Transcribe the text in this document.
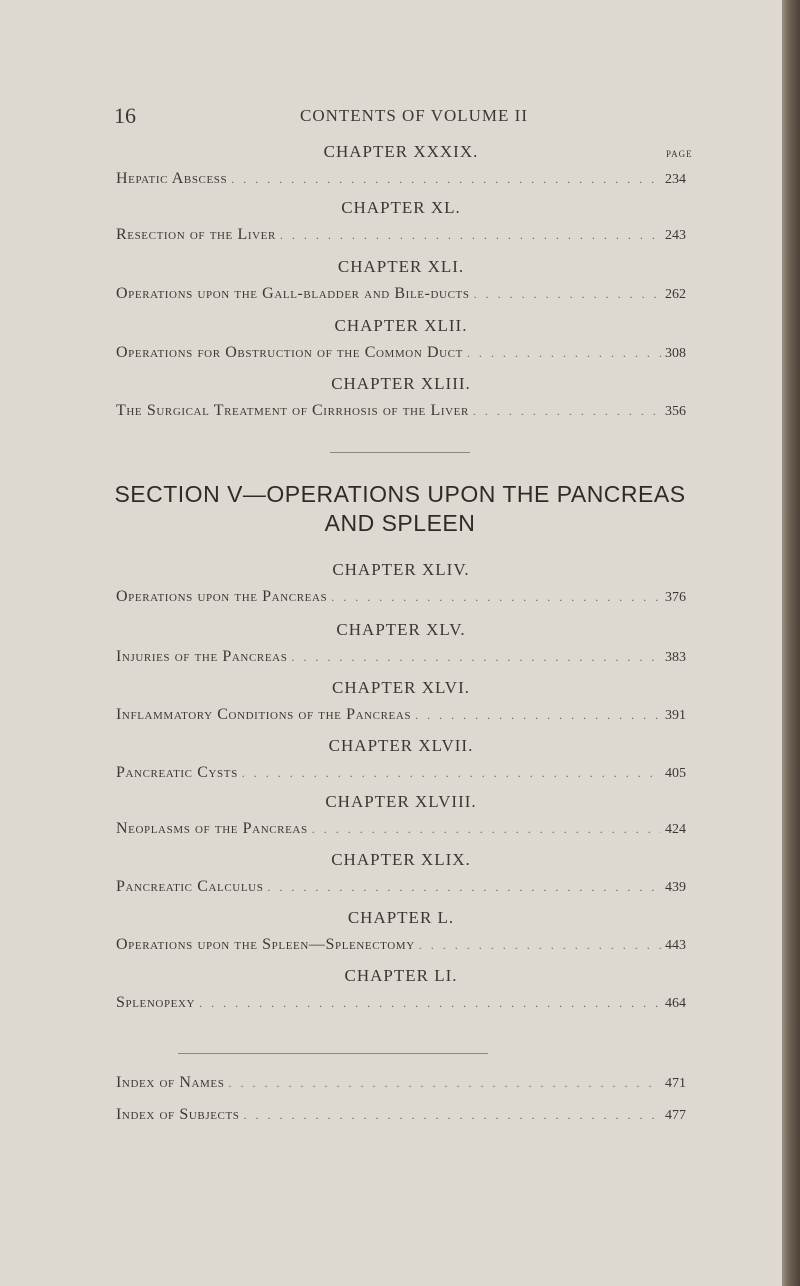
16	CONTENTS OF VOLUME II
PAGE
CHAPTER XXXIX.
Hepatic Abscess . . .	234
CHAPTER XL.
Resection of the Liver . . .	243
CHAPTER XLI.
Operations upon the Gall-bladder and Bile-ducts . . .	262
CHAPTER XLII.
Operations for Obstruction of the Common Duct . . .	308
CHAPTER XLIII.
The Surgical Treatment of Cirrhosis of the Liver . . .	356
SECTION V—OPERATIONS UPON THE PANCREAS
AND SPLEEN
CHAPTER XLIV.
Operations upon the Pancreas . . .	376
CHAPTER XLV.
Injuries of the Pancreas . . .	383
CHAPTER XLVI.
Inflammatory Conditions of the Pancreas . . .	391
CHAPTER XLVII.
Pancreatic Cysts . . .	405
CHAPTER XLVIII.
Neoplasms of the Pancreas . . .	424
CHAPTER XLIX.
Pancreatic Calculus . . .	439
CHAPTER L.
Operations upon the Spleen—Splenectomy . . .	443
CHAPTER LI.
Splenopexy . . .	464
Index of Names . . .	471
Index of Subjects . . .	477
